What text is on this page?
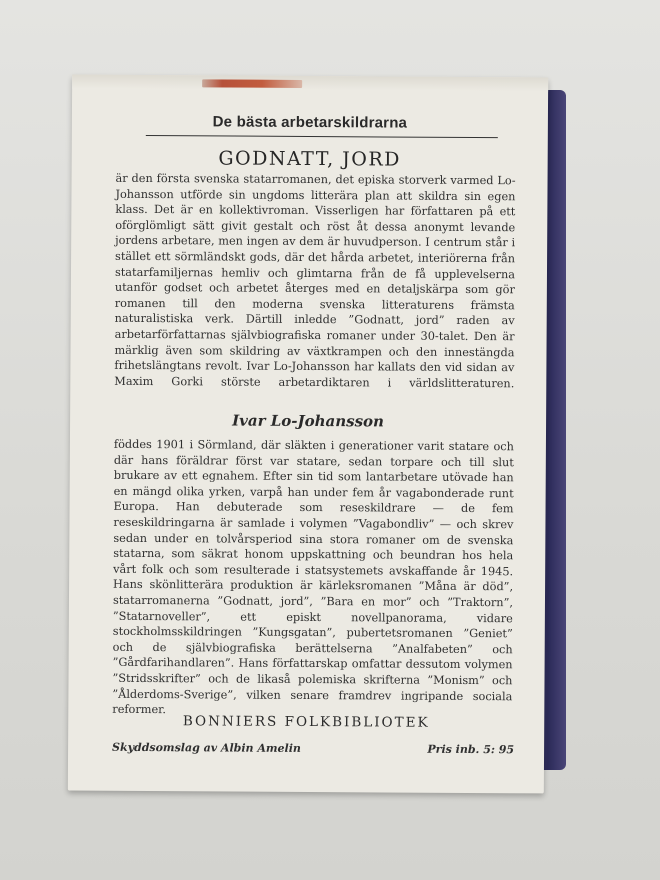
De bästa arbetarskildrarna
GODNATT, JORD
är den första svenska statarromanen, det episka storverk varmed Lo-Johansson utförde sin ungdoms litterära plan att skildra sin egen klass. Det är en kollektivroman. Visserligen har författaren på ett oförglömligt sätt givit gestalt och röst åt dessa anonymt levande jordens arbetare, men ingen av dem är huvudperson. I centrum står i stället ett sörmländskt gods, där det hårda arbetet, interiörerna från statarfamiljernas hemliv och glimtarna från de få upplevelserna utanför godset och arbetet återges med en detaljskärpa som gör romanen till den moderna svenska litteraturens främsta naturalistiska verk. Därtill inledde ”Godnatt, jord” raden av arbetarförfattarnas självbiografiska romaner under 30-talet. Den är märklig även som skildring av växtkrampen och den innestängda frihetslängtans revolt. Ivar Lo-Johansson har kallats den vid sidan av Maxim Gorki störste arbetardiktaren i världslitteraturen.
Ivar Lo-Johansson
föddes 1901 i Sörmland, där släkten i generationer varit statare och där hans föräldrar först var statare, sedan torpare och till slut brukare av ett egnahem. Efter sin tid som lantarbetare utövade han en mängd olika yrken, varpå han under fem år vagabonderade runt Europa. Han debuterade som reseskildrare — de fem reseskildringarna är samlade i volymen ”Vagabondliv” — och skrev sedan under en tolvårsperiod sina stora romaner om de svenska statarna, som säkrat honom uppskattning och beundran hos hela vårt folk och som resulterade i statsystemets avskaffande år 1945. Hans skönlitterära produktion är kärleksromanen ”Måna är död”, statarromanerna ”Godnatt, jord”, ”Bara en mor” och ”Traktorn”, ”Statarnoveller”, ett episkt novellpanorama, vidare stockholmsskildringen ”Kungsgatan”, pubertetsromanen ”Geniet” och de självbiografiska berättelserna ”Analfabeten” och ”Gårdfarihandlaren”. Hans författarskap omfattar dessutom volymen ”Stridsskrifter” och de likaså polemiska skrifterna ”Monism” och ”Ålderdoms-Sverige”, vilken senare framdrev ingripande sociala reformer.
BONNIERS FOLKBIBLIOTEK
Skyddsomslag av Albin Amelin	Pris inb. 5: 95
